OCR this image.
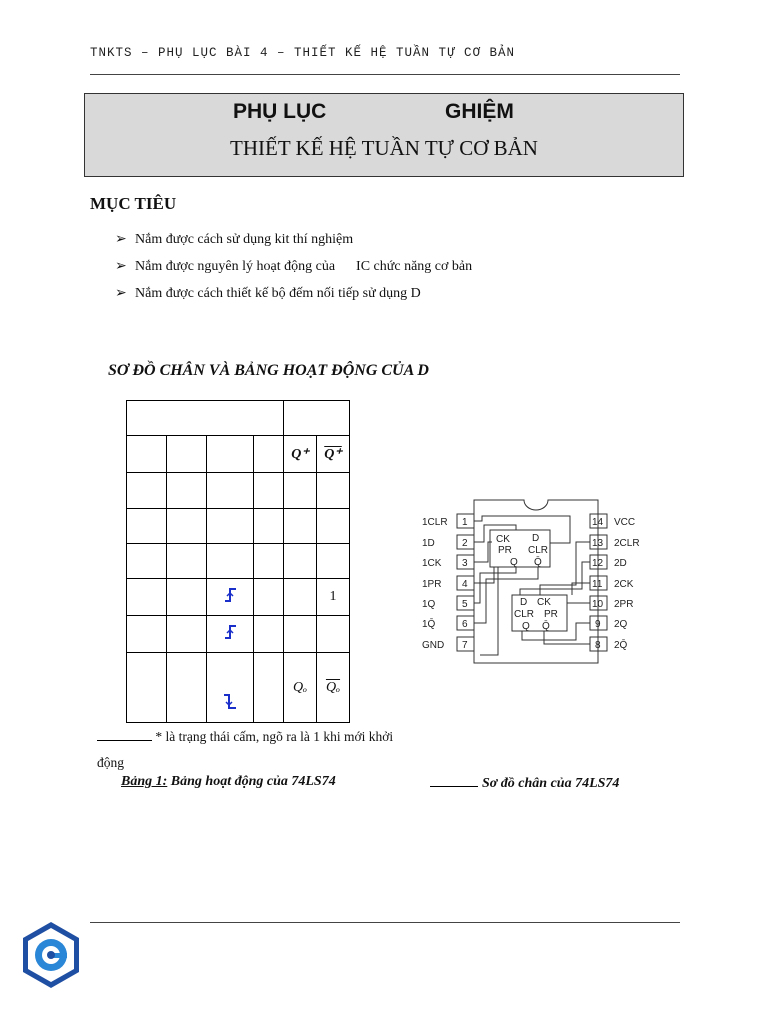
TNKTS – PHỤ LỤC BÀI 4 – THIẾT KẾ HỆ TUẦN TỰ CƠ BẢN
PHỤ LỤC	GHIỆM
THIẾT KẾ HỆ TUẦN TỰ CƠ BẢN
MỤC TIÊU
➢ Nắm được cách sử dụng kit thí nghiệm
➢ Nắm được nguyên lý hoạt động của      IC chức năng cơ bản
➢ Nắm được cách thiết kế bộ đếm nối tiếp sử dụng D
SƠ ĐỒ CHÂN VÀ BẢNG HOẠT ĐỘNG CỦA D

				Q⁺	Q⁺

					1

				Qₒ	$\overline{Q_o}$
* là trạng thái cấm, ngõ ra là 1 khi mới khởi động
Bảng 1: Bảng hoạt động của 74LS74	Sơ đồ chân của 74LS74
1CLR
1D
1CK
1PR
1Q
1Q̄
GND
1
2
3
4
5
6
7
14
13
12
11
10
9
8
VCC
2CLR
2D
2CK
2PR
2Q
2Q̄
CK D
PR CLR
Q Q̄
D CK
CLR PR
Q Q̄
